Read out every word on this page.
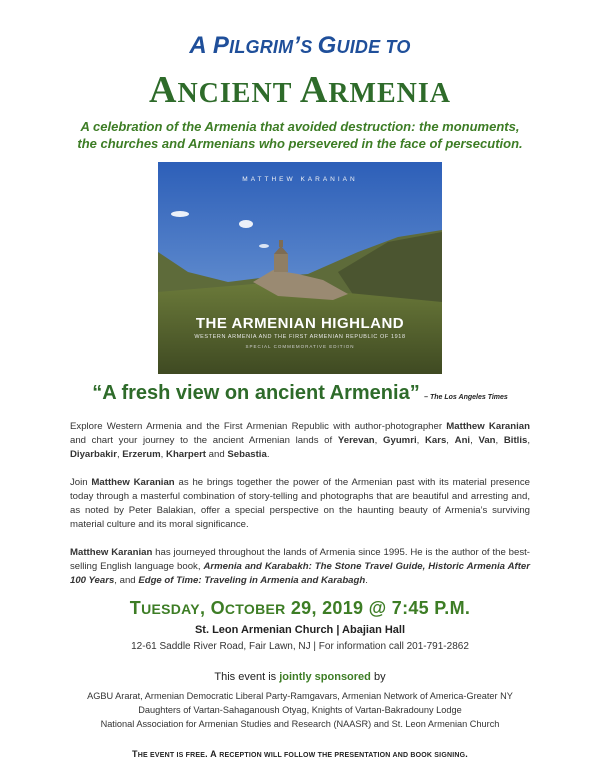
A PILGRIM’S GUIDE TO
ANCIENT ARMENIA
A celebration of the Armenia that avoided destruction: the monuments,
the churches and Armenians who persevered in the face of persecution.
MATTHEW KARANIAN
THE ARMENIAN HIGHLAND
WESTERN ARMENIA AND THE FIRST ARMENIAN REPUBLIC OF 1918
SPECIAL COMMEMORATIVE EDITION
“A fresh view on ancient Armenia” – The Los Angeles Times

Explore Western Armenia and the First Armenian Republic with author-photographer Matthew Karanian and chart your journey to the ancient Armenian lands of Yerevan, Gyumri, Kars, Ani, Van, Bitlis, Diyarbakir, Erzerum, Kharpert and Sebastia.

Join Matthew Karanian as he brings together the power of the Armenian past with its material presence today through a masterful combination of story-telling and photographs that are beautiful and arresting and, as noted by Peter Balakian, offer a special perspective on the haunting beauty of Armenia’s surviving material culture and its moral significance.

Matthew Karanian has journeyed throughout the lands of Armenia since 1995. He is the author of the best-selling English language book, Armenia and Karabakh: The Stone Travel Guide, Historic Armenia After 100 Years, and Edge of Time: Traveling in Armenia and Karabagh.

TUESDAY, OCTOBER 29, 2019 @ 7:45 P.M.
St. Leon Armenian Church | Abajian Hall
12-61 Saddle River Road, Fair Lawn, NJ | For information call 201-791-2862
This event is jointly sponsored by
AGBU Ararat, Armenian Democratic Liberal Party-Ramgavars, Armenian Network of America-Greater NY
Daughters of Vartan-Sahaganoush Otyag, Knights of Vartan-Bakradouny Lodge
National Association for Armenian Studies and Research (NAASR) and St. Leon Armenian Church
THE EVENT IS FREE. A RECEPTION WILL FOLLOW THE PRESENTATION AND BOOK SIGNING.
